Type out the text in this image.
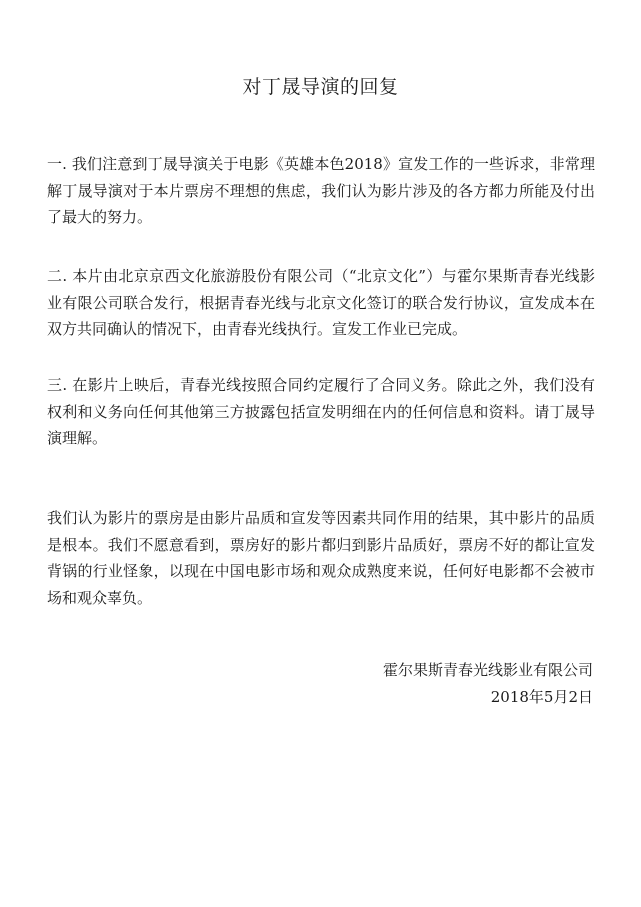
对丁晟导演的回复

一. 我们注意到丁晟导演关于电影《英雄本色2018》宣发工作的一些诉求，非常理解丁晟导演对于本片票房不理想的焦虑，我们认为影片涉及的各方都力所能及付出了最大的努力。

二. 本片由北京京西文化旅游股份有限公司（“北京文化”）与霍尔果斯青春光线影业有限公司联合发行，根据青春光线与北京文化签订的联合发行协议，宣发成本在双方共同确认的情况下，由青春光线执行。宣发工作业已完成。

三. 在影片上映后，青春光线按照合同约定履行了合同义务。除此之外，我们没有权利和义务向任何其他第三方披露包括宣发明细在内的任何信息和资料。请丁晟导演理解。

我们认为影片的票房是由影片品质和宣发等因素共同作用的结果，其中影片的品质是根本。我们不愿意看到，票房好的影片都归到影片品质好，票房不好的都让宣发背锅的行业怪象，以现在中国电影市场和观众成熟度来说，任何好电影都不会被市场和观众辜负。

霍尔果斯青春光线影业有限公司

2018年5月2日
